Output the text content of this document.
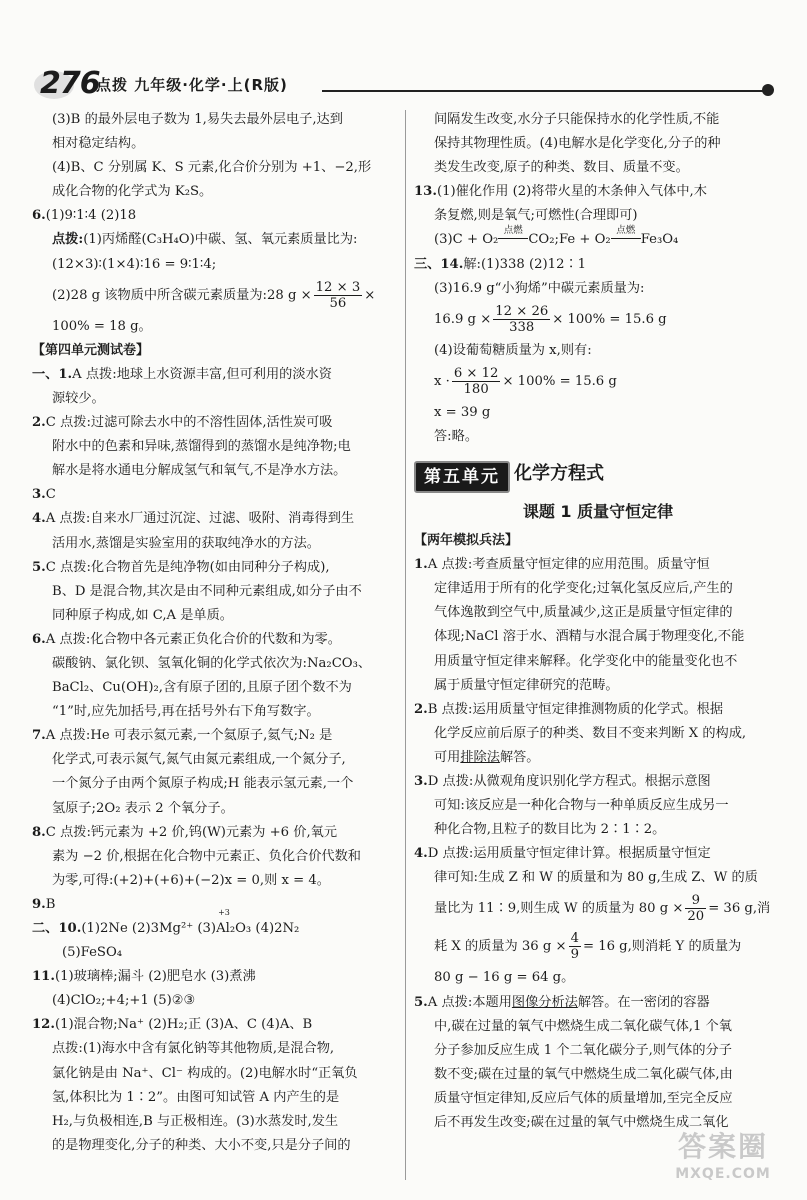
276
点拨 九年级·化学·上(R版)

(3)B 的最外层电子数为 1,易失去最外层电子,达到

相对稳定结构。

(4)B、C 分别属 K、S 元素,化合价分别为 +1、−2,形

成化合物的化学式为 K₂S。

6.(1)9∶1∶4 (2)18

点拨:(1)丙烯醛(C₃H₄O)中碳、氢、氧元素质量比为:

(12×3)∶(1×4)∶16 = 9∶1∶4;

(2)28 g 该物质中所含碳元素质量为:28 $g \times \frac{12 \times 3}{56}$ ×

100% = 18 g。

【第四单元测试卷】

一、1.A 点拨:地球上水资源丰富,但可利用的淡水资

源较少。

2.C 点拨:过滤可除去水中的不溶性固体,活性炭可吸

附水中的色素和异味,蒸馏得到的蒸馏水是纯净物;电

解水是将水通电分解成氢气和氧气,不是净水方法。

3.C

4.A 点拨:自来水厂通过沉淀、过滤、吸附、消毒得到生

活用水,蒸馏是实验室用的获取纯净水的方法。

5.C 点拨:化合物首先是纯净物(如由同种分子构成),

B、D 是混合物,其次是由不同种元素组成,如分子由不

同种原子构成,如 C,A 是单质。

6.A 点拨:化合物中各元素正负化合价的代数和为零。

碳酸钠、氯化钡、氢氧化铜的化学式依次为:Na₂CO₃、

BaCl₂、Cu(OH)₂,含有原子团的,且原子团个数不为

“1”时,应先加括号,再在括号外右下角写数字。

7.A 点拨:He 可表示氦元素,一个氦原子,氦气;N₂ 是

化学式,可表示氮气,氮气由氮元素组成,一个氮分子,

一个氮分子由两个氮原子构成;H 能表示氢元素,一个

氢原子;2O₂ 表示 2 个氧分子。

8.C 点拨:钙元素为 +2 价,钨(W)元素为 +6 价,氧元

素为 −2 价,根据在化合物中元素正、负化合价代数和

为零,可得:(+2)+(+6)+(−2)x = 0,则 x = 4。

9.B

二、10.(1)2Ne (2)3Mg²⁺ (3)
+3
Al₂O₃ (4)2N₂

(5)FeSO₄

11.(1)玻璃棒;漏斗 (2)肥皂水 (3)煮沸

(4)ClO₂;+4;+1 (5)②③

12.(1)混合物;Na⁺ (2)H₂;正 (3)A、C (4)A、B

点拨:(1)海水中含有氯化钠等其他物质,是混合物,

氯化钠是由 Na⁺、Cl⁻ 构成的。(2)电解水时“正氧负

氢,体积比为 1∶2”。由图可知试管 A 内产生的是

H₂,与负极相连,B 与正极相连。(3)水蒸发时,发生

的是物理变化,分子的种类、大小不变,只是分子间的

间隔发生改变,水分子只能保持水的化学性质,不能

保持其物理性质。(4)电解水是化学变化,分子的种

类发生改变,原子的种类、数目、质量不变。

13.(1)催化作用 (2)将带火星的木条伸入气体中,木

条复燃,则是氧气;可燃性(合理即可)

(3)C + O₂
点燃
CO₂;Fe + O₂
点燃
Fe₃O₄

三、14.解:(1)338 (2)12∶1

(3)16.9 g“小狗烯”中碳元素质量为:

16.9 $g \times \frac{12 \times 26}{338} \times 100\% = 15.6$ g

(4)设葡萄糖质量为 x,则有:

$x \cdot \frac{6 \times 12}{180} \times 100\% = 15.6$ g

x = 39 g

答:略。

第五单元 化学方程式

课题 1 质量守恒定律

【两年模拟兵法】

1.A 点拨:考查质量守恒定律的应用范围。质量守恒

定律适用于所有的化学变化;过氧化氢反应后,产生的

气体逸散到空气中,质量减少,这正是质量守恒定律的

体现;NaCl 溶于水、酒精与水混合属于物理变化,不能

用质量守恒定律来解释。化学变化中的能量变化也不

属于质量守恒定律研究的范畴。

2.B 点拨:运用质量守恒定律推测物质的化学式。根据

化学反应前后原子的种类、数目不变来判断 X 的构成,

可用排除法解答。

3.D 点拨:从微观角度识别化学方程式。根据示意图

可知:该反应是一种化合物与一种单质反应生成另一

种化合物,且粒子的数目比为 2∶1∶2。

4.D 点拨:运用质量守恒定律计算。根据质量守恒定

律可知:生成 Z 和 W 的质量和为 80 g,生成 Z、W 的质

量比为 11∶9,则生成 W 的质量为 80 $g \times \frac{9}{20} = 36$ g,消

耗 X 的质量为 36 $g \times \frac{4}{9} = 16$ g,则消耗 Y 的质量为

80 g − 16 g = 64 g。

5.A 点拨:本题用图像分析法解答。在一密闭的容器

中,碳在过量的氧气中燃烧生成二氧化碳气体,1 个氧

分子参加反应生成 1 个二氧化碳分子,则气体的分子

数不变;碳在过量的氧气中燃烧生成二氧化碳气体,由

质量守恒定律知,反应后气体的质量增加,至完全反应

后不再发生改变;碳在过量的氧气中燃烧生成二氧化

答案圈
MXQE.COM
